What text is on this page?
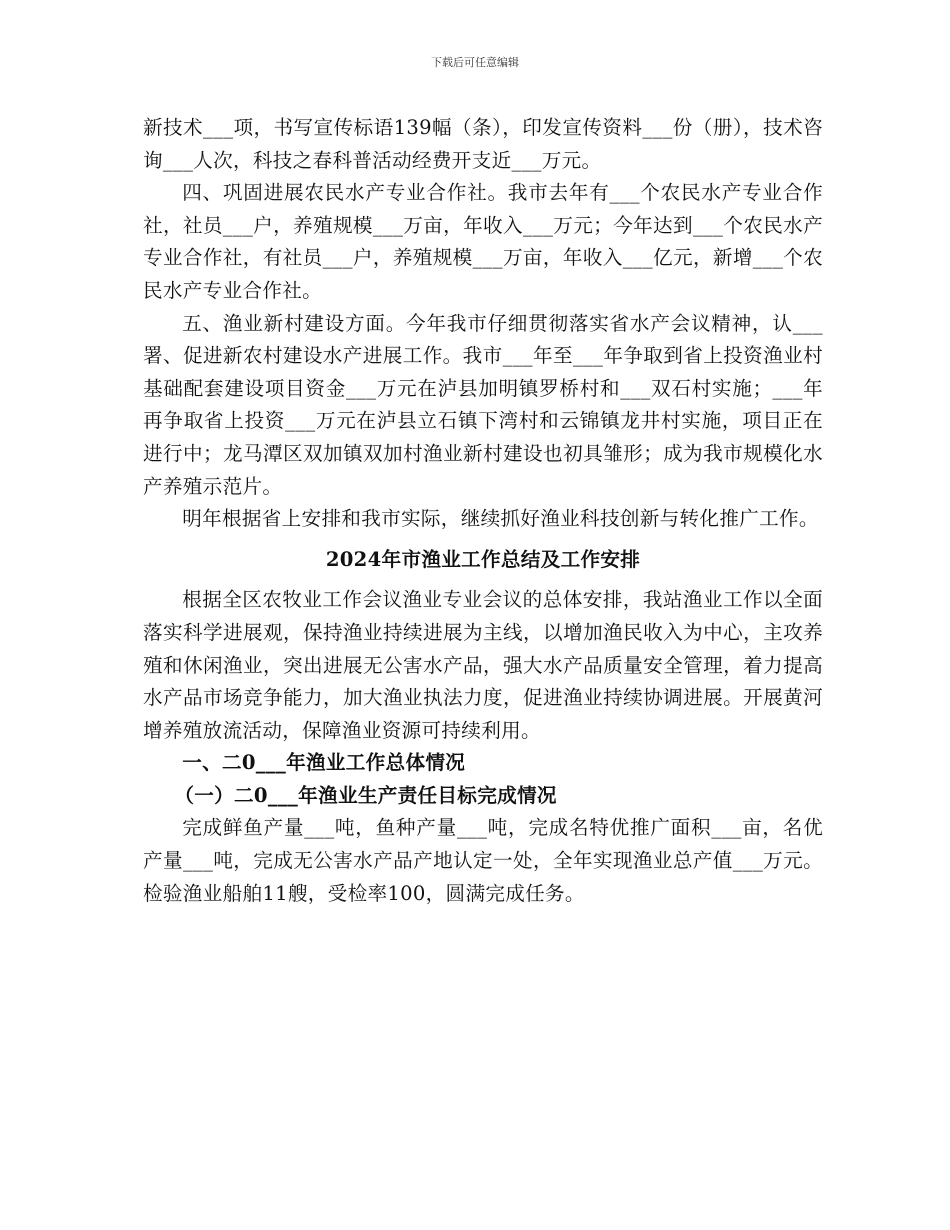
下载后可任意编辑

新技术___项，书写宣传标语139幅（条），印发宣传资料___份（册），技术咨询___人次，科技之春科普活动经费开支近___万元。

四、巩固进展农民水产专业合作社。我市去年有___个农民水产专业合作社，社员___户，养殖规模___万亩，年收入___万元；今年达到___个农民水产专业合作社，有社员___户，养殖规模___万亩，年收入___亿元，新增___个农民水产专业合作社。

五、渔业新村建设方面。今年我市仔细贯彻落实省水产会议精神，认___署、促进新农村建设水产进展工作。我市___年至___年争取到省上投资渔业村基础配套建设项目资金___万元在泸县加明镇罗桥村和___双石村实施；___年再争取省上投资___万元在泸县立石镇下湾村和云锦镇龙井村实施，项目正在进行中；龙马潭区双加镇双加村渔业新村建设也初具雏形；成为我市规模化水产养殖示范片。

明年根据省上安排和我市实际，继续抓好渔业科技创新与转化推广工作。

2024年市渔业工作总结及工作安排

根据全区农牧业工作会议渔业专业会议的总体安排，我站渔业工作以全面落实科学进展观，保持渔业持续进展为主线，以增加渔民收入为中心，主攻养殖和休闲渔业，突出进展无公害水产品，强大水产品质量安全管理，着力提高水产品市场竞争能力，加大渔业执法力度，促进渔业持续协调进展。开展黄河增养殖放流活动，保障渔业资源可持续利用。

一、二0___年渔业工作总体情况
（一）二0___年渔业生产责任目标完成情况

完成鲜鱼产量___吨，鱼种产量___吨，完成名特优推广面积___亩，名优产量___吨，完成无公害水产品产地认定一处，全年实现渔业总产值___万元。检验渔业船舶11艘，受检率100，圆满完成任务。
